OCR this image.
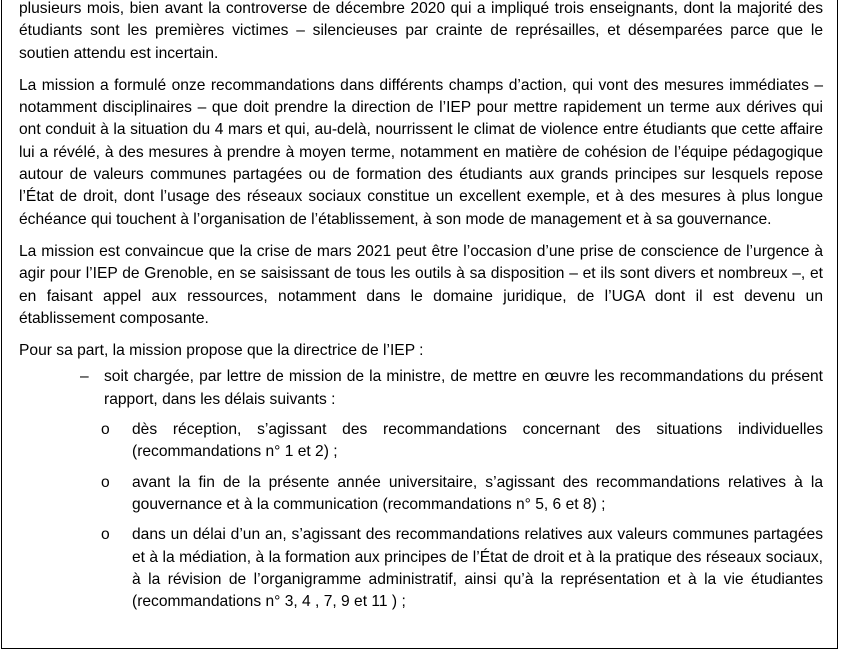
plusieurs mois, bien avant la controverse de décembre 2020 qui a impliqué trois enseignants, dont la majorité des étudiants sont les premières victimes – silencieuses par crainte de représailles, et désemparées parce que le soutien attendu est incertain.

La mission a formulé onze recommandations dans différents champs d’action, qui vont des mesures immédiates – notamment disciplinaires – que doit prendre la direction de l’IEP pour mettre rapidement un terme aux dérives qui ont conduit à la situation du 4 mars et qui, au-delà, nourrissent le climat de violence entre étudiants que cette affaire lui a révélé, à des mesures à prendre à moyen terme, notamment en matière de cohésion de l’équipe pédagogique autour de valeurs communes partagées ou de formation des étudiants aux grands principes sur lesquels repose l’État de droit, dont l’usage des réseaux sociaux constitue un excellent exemple, et à des mesures à plus longue échéance qui touchent à l’organisation de l’établissement, à son mode de management et à sa gouvernance.

La mission est convaincue que la crise de mars 2021 peut être l’occasion d’une prise de conscience de l’urgence à agir pour l’IEP de Grenoble, en se saisissant de tous les outils à sa disposition – et ils sont divers et nombreux –, et en faisant appel aux ressources, notamment dans le domaine juridique, de l’UGA dont il est devenu un établissement composante.

Pour sa part, la mission propose que la directrice de l’IEP :

– soit chargée, par lettre de mission de la ministre, de mettre en œuvre les recommandations du présent rapport, dans les délais suivants :
o dès réception, s’agissant des recommandations concernant des situations individuelles (recommandations n° 1 et 2) ;
o avant la fin de la présente année universitaire, s’agissant des recommandations relatives à la gouvernance et à la communication (recommandations n° 5, 6 et 8) ;
o dans un délai d’un an, s’agissant des recommandations relatives aux valeurs communes partagées et à la médiation, à la formation aux principes de l’État de droit et à la pratique des réseaux sociaux, à la révision de l’organigramme administratif, ainsi qu’à la représentation et à la vie étudiantes (recommandations n° 3, 4 , 7, 9 et 11 ) ;
